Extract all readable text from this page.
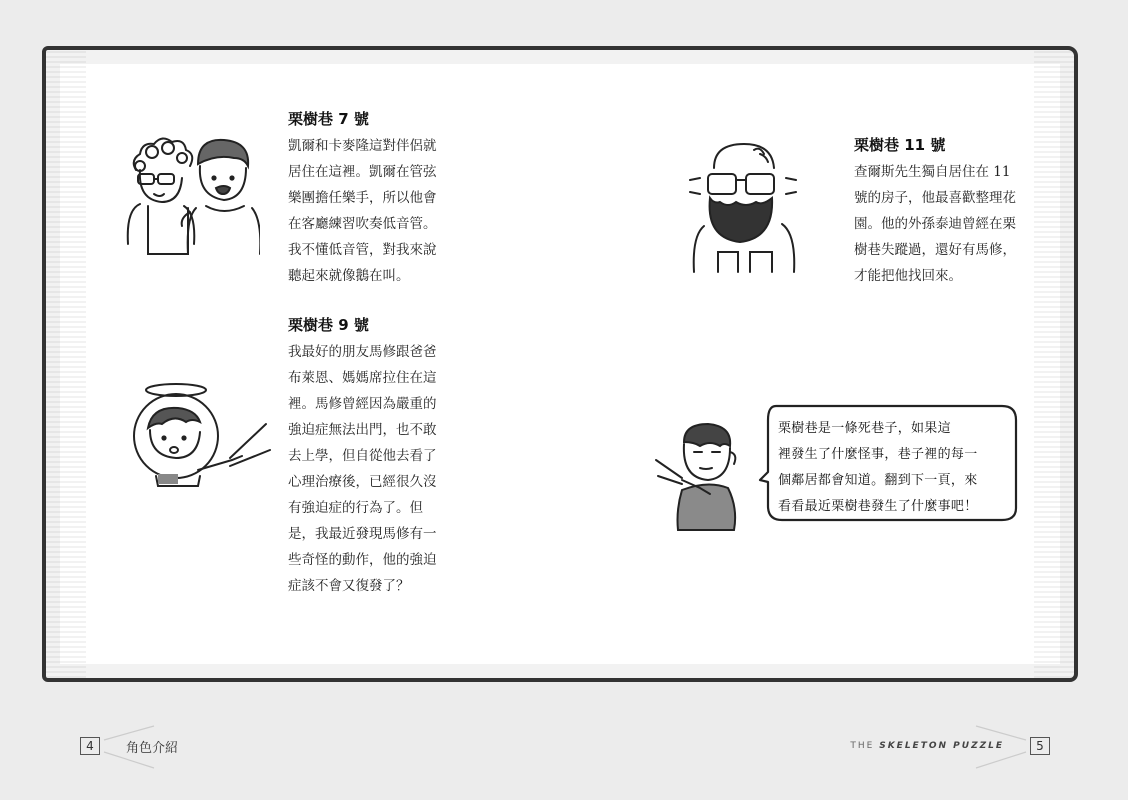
栗樹巷是一條死巷子，如果這
裡發生了什麼怪事，巷子裡的每一
個鄰居都會知道。翻到下一頁，來
看看最近栗樹巷發生了什麼事吧！

栗樹巷 7 號

凱爾和卡麥隆這對伴侶就
居住在這裡。凱爾在管弦
樂團擔任樂手，所以他會
在客廳練習吹奏低音管。
我不懂低音管，對我來說
聽起來就像鵝在叫。

栗樹巷 9 號

我最好的朋友馬修跟爸爸
布萊恩、媽媽席拉住在這
裡。馬修曾經因為嚴重的
強迫症無法出門，也不敢
去上學，但自從他去看了
心理治療後，已經很久沒
有強迫症的行為了。但
是，我最近發現馬修有一
些奇怪的動作，他的強迫
症該不會又復發了？

栗樹巷 11 號

查爾斯先生獨自居住在 11
號的房子，他最喜歡整理花
園。他的外孫泰迪曾經在栗
樹巷失蹤過，還好有馬修，
才能把他找回來。

4	角色介紹	THE SKELETON PUZZLE	5
